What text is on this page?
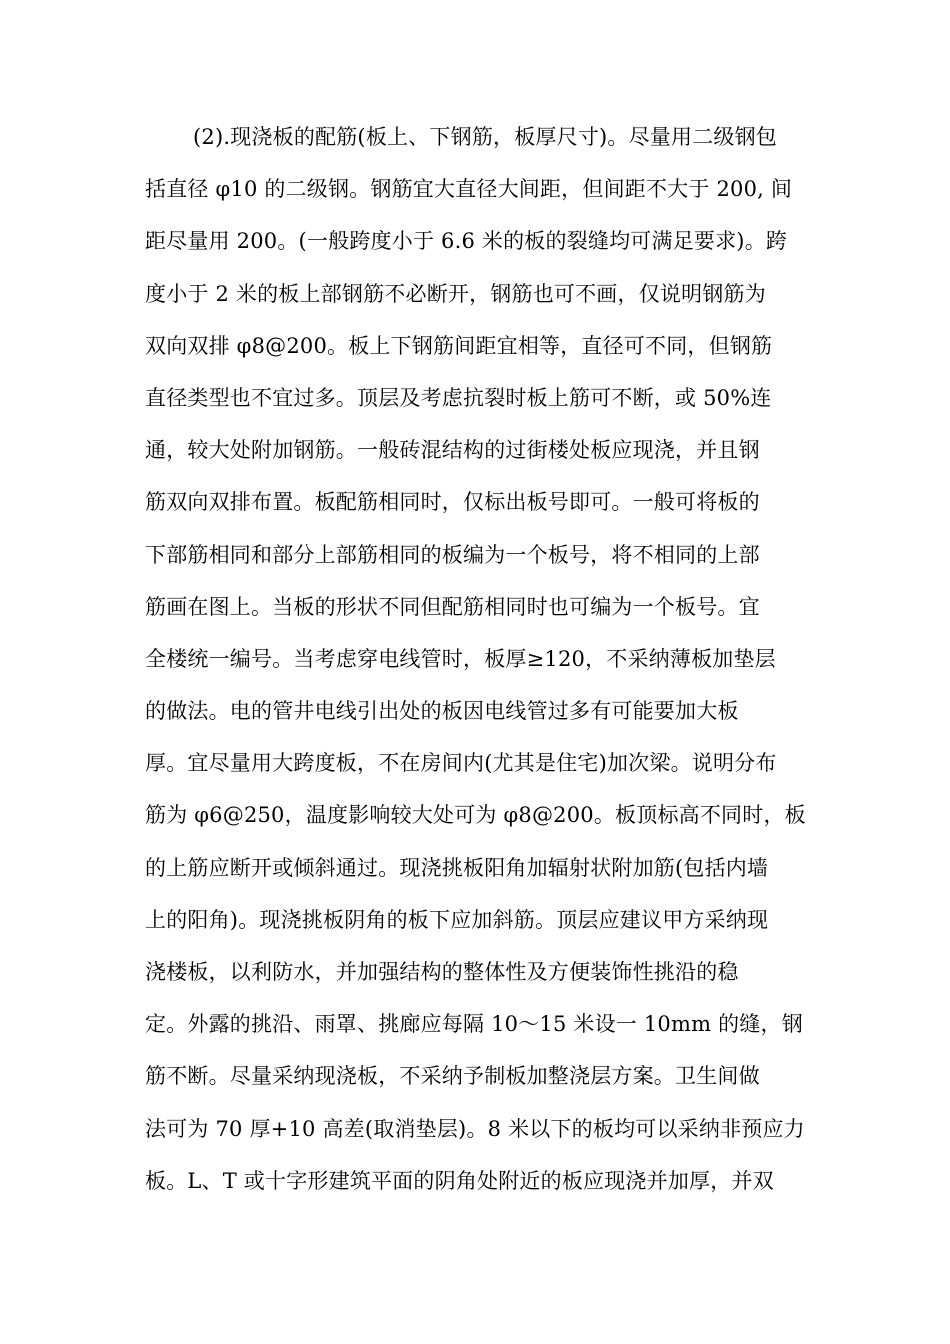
(2).现浇板的配筋(板上、下钢筋，板厚尺寸)。尽量用二级钢包
括直径 φ10 的二级钢。钢筋宜大直径大间距，但间距不大于 200, 间
距尽量用 200。(一般跨度小于 6.6 米的板的裂缝均可满足要求)。跨
度小于 2 米的板上部钢筋不必断开，钢筋也可不画，仅说明钢筋为
双向双排 φ8@200。板上下钢筋间距宜相等，直径可不同，但钢筋
直径类型也不宜过多。顶层及考虑抗裂时板上筋可不断，或 50%连
通，较大处附加钢筋。一般砖混结构的过街楼处板应现浇，并且钢
筋双向双排布置。板配筋相同时，仅标出板号即可。一般可将板的
下部筋相同和部分上部筋相同的板编为一个板号，将不相同的上部
筋画在图上。当板的形状不同但配筋相同时也可编为一个板号。宜
全楼统一编号。当考虑穿电线管时，板厚≥120，不采纳薄板加垫层
的做法。电的管井电线引出处的板因电线管过多有可能要加大板
厚。宜尽量用大跨度板，不在房间内(尤其是住宅)加次梁。说明分布
筋为 φ6@250，温度影响较大处可为 φ8@200。板顶标高不同时，板
的上筋应断开或倾斜通过。现浇挑板阳角加辐射状附加筋(包括内墙
上的阳角)。现浇挑板阴角的板下应加斜筋。顶层应建议甲方采纳现
浇楼板，以利防水，并加强结构的整体性及方便装饰性挑沿的稳
定。外露的挑沿、雨罩、挑廊应每隔 10～15 米设一 10mm 的缝，钢
筋不断。尽量采纳现浇板，不采纳予制板加整浇层方案。卫生间做
法可为 70 厚+10 高差(取消垫层)。8 米以下的板均可以采纳非预应力
板。L、T 或十字形建筑平面的阴角处附近的板应现浇并加厚，并双
